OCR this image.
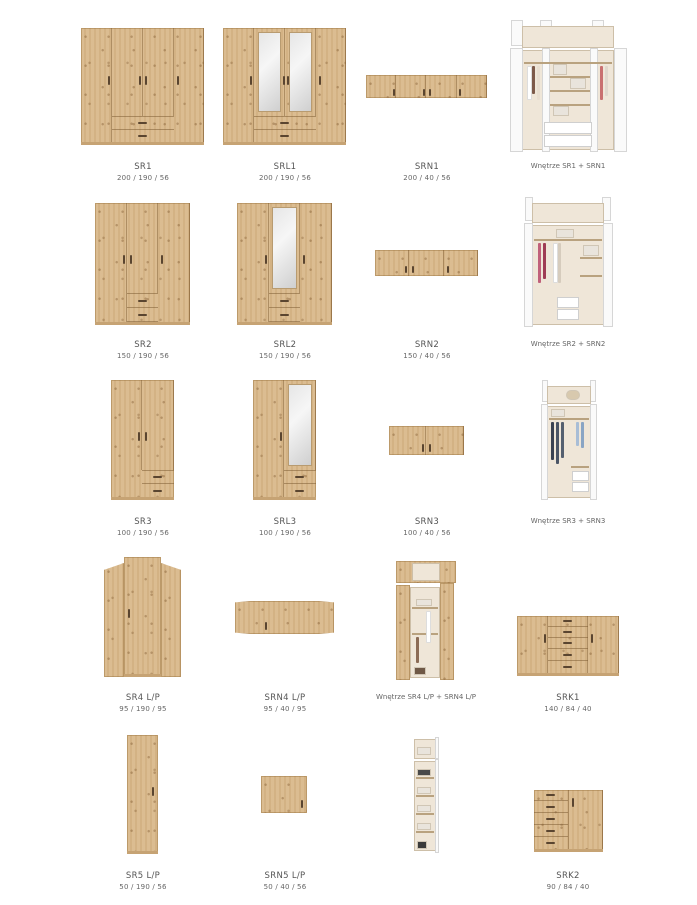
SR1
200 / 190 / 56
SRL1
200 / 190 / 56
SRN1
200 / 40 / 56
Wnętrze SR1 + SRN1
SR2
150 / 190 / 56
SRL2
150 / 190 / 56
SRN2
150 / 40 / 56
Wnętrze SR2 + SRN2
SR3
100 / 190 / 56
SRL3
100 / 190 / 56
SRN3
100 / 40 / 56
Wnętrze SR3 + SRN3
SR4 L/P
95 / 190 / 95
SRN4 L/P
95 / 40 / 95
Wnętrze SR4 L/P + SRN4 L/P	SRK1
140 / 84 / 40
SR5 L/P
50 / 190 / 56
SRN5 L/P
50 / 40 / 56
SRK2
90 / 84 / 40
